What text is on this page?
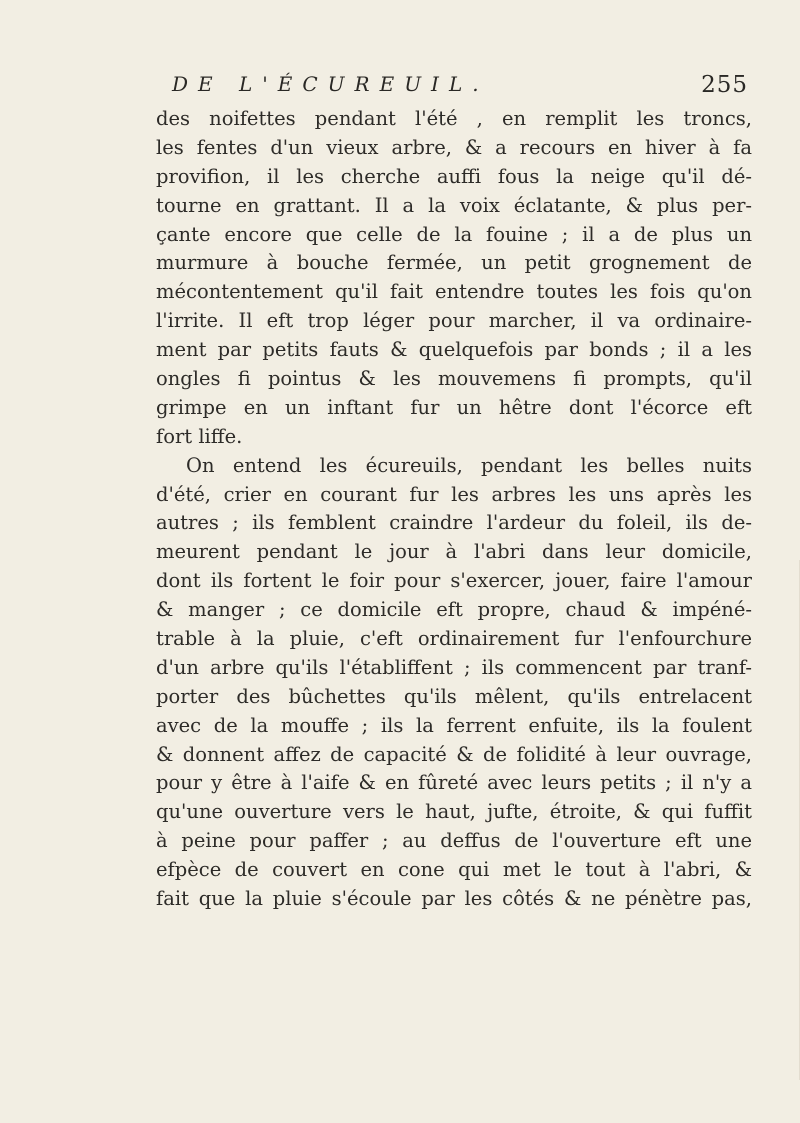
DE L'ÉCUREUIL.	255

des noifettes pendant l'été , en remplit les troncs,
les fentes d'un vieux arbre, & a recours en hiver à fa
provifion, il les cherche auffi fous la neige qu'il dé-
tourne en grattant. Il a la voix éclatante, & plus per-
çante encore que celle de la fouine ; il a de plus un
murmure à bouche fermée, un petit grognement de
mécontentement qu'il fait entendre toutes les fois qu'on
l'irrite. Il eft trop léger pour marcher, il va ordinaire-
ment par petits fauts & quelquefois par bonds ; il a les
ongles fi pointus & les mouvemens fi prompts, qu'il
grimpe en un inftant fur un hêtre dont l'écorce eft
fort liffe.

On entend les écureuils, pendant les belles nuits
d'été, crier en courant fur les arbres les uns après les
autres ; ils femblent craindre l'ardeur du foleil, ils de-
meurent pendant le jour à l'abri dans leur domicile,
dont ils fortent le foir pour s'exercer, jouer, faire l'amour
& manger ; ce domicile eft propre, chaud & impéné-
trable à la pluie, c'eft ordinairement fur l'enfourchure
d'un arbre qu'ils l'établiffent ; ils commencent par tranf-
porter des bûchettes qu'ils mêlent, qu'ils entrelacent
avec de la mouffe ; ils la ferrent enfuite, ils la foulent
& donnent affez de capacité & de folidité à leur ouvrage,
pour y être à l'aife & en fûreté avec leurs petits ; il n'y a
qu'une ouverture vers le haut, jufte, étroite, & qui fuffit
à peine pour paffer ; au deffus de l'ouverture eft une
efpèce de couvert en cone qui met le tout à l'abri, &
fait que la pluie s'écoule par les côtés & ne pénètre pas,
